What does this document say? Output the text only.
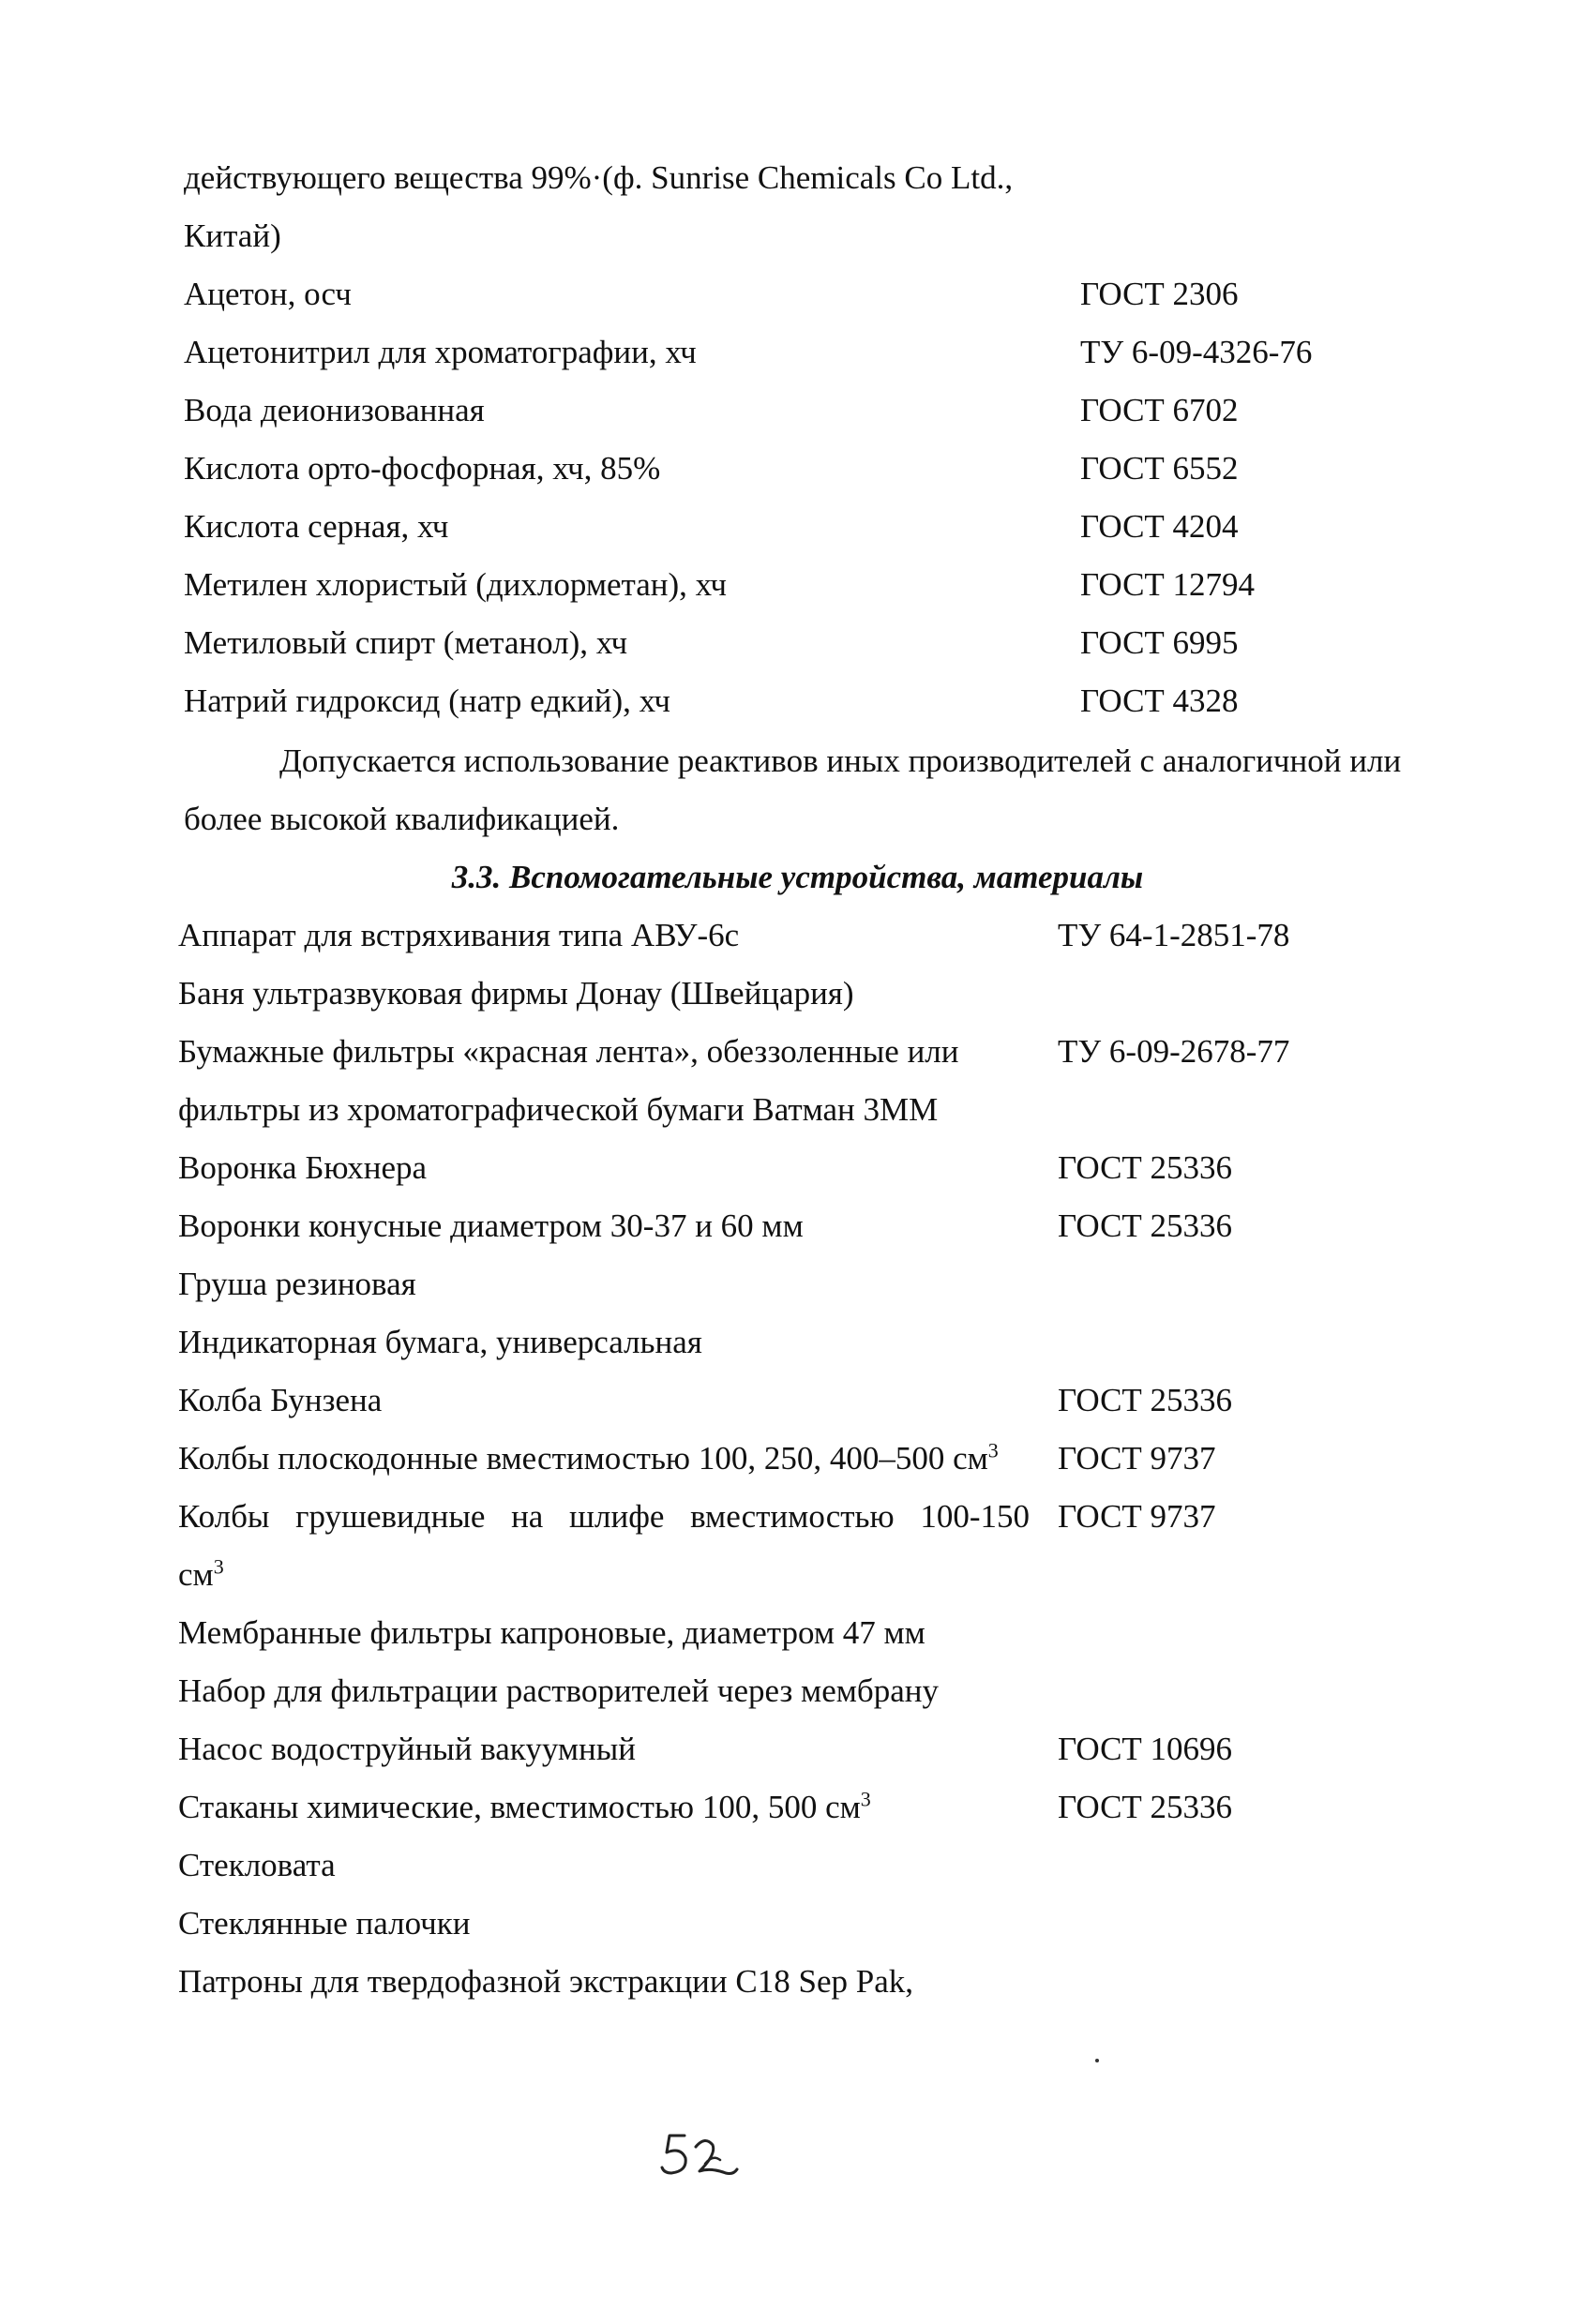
действующего вещества 99%·(ф. Sunrise Chemicals Co Ltd.,
Китай)
Ацетон, осч	ГОСТ 2306
Ацетонитрил для хроматографии, хч	ТУ 6-09-4326-76
Вода деионизованная	ГОСТ 6702
Кислота орто-фосфорная, хч, 85%	ГОСТ 6552
Кислота серная, хч	ГОСТ 4204
Метилен хлористый (дихлорметан), хч	ГОСТ 12794
Метиловый спирт (метанол), хч	ГОСТ 6995
Натрий гидроксид (натр едкий), хч	ГОСТ 4328
Допускается использование реактивов иных производителей с аналогичной или
более высокой квалификацией.
3.3. Вспомогательные устройства, материалы
Аппарат для встряхивания типа АВУ-6с	ТУ 64-1-2851-78
Баня ультразвуковая фирмы Донау (Швейцария)
Бумажные фильтры «красная лента», обеззоленные или	ТУ 6-09-2678-77
фильтры из хроматографической бумаги Ватман 3ММ
Воронка Бюхнера	ГОСТ 25336
Воронки конусные диаметром 30-37 и 60 мм	ГОСТ 25336
Груша резиновая
Индикаторная бумага, универсальная
Колба Бунзена	ГОСТ 25336
Колбы плоскодонные вместимостью 100, 250, 400–500 $см^3$ ГОСТ 9737
Колбы грушевидные на шлифе вместимостью 100-150 ГОСТ 9737
$см^3$
Мембранные фильтры капроновые, диаметром 47 мм
Набор для фильтрации растворителей через мембрану
Насос водоструйный вакуумный	ГОСТ 10696
Стаканы химические, вместимостью 100, 500 $см^3$	ГОСТ 25336
Стекловата
Стеклянные палочки
Патроны для твердофазной экстракции С18 Sep Pak,
